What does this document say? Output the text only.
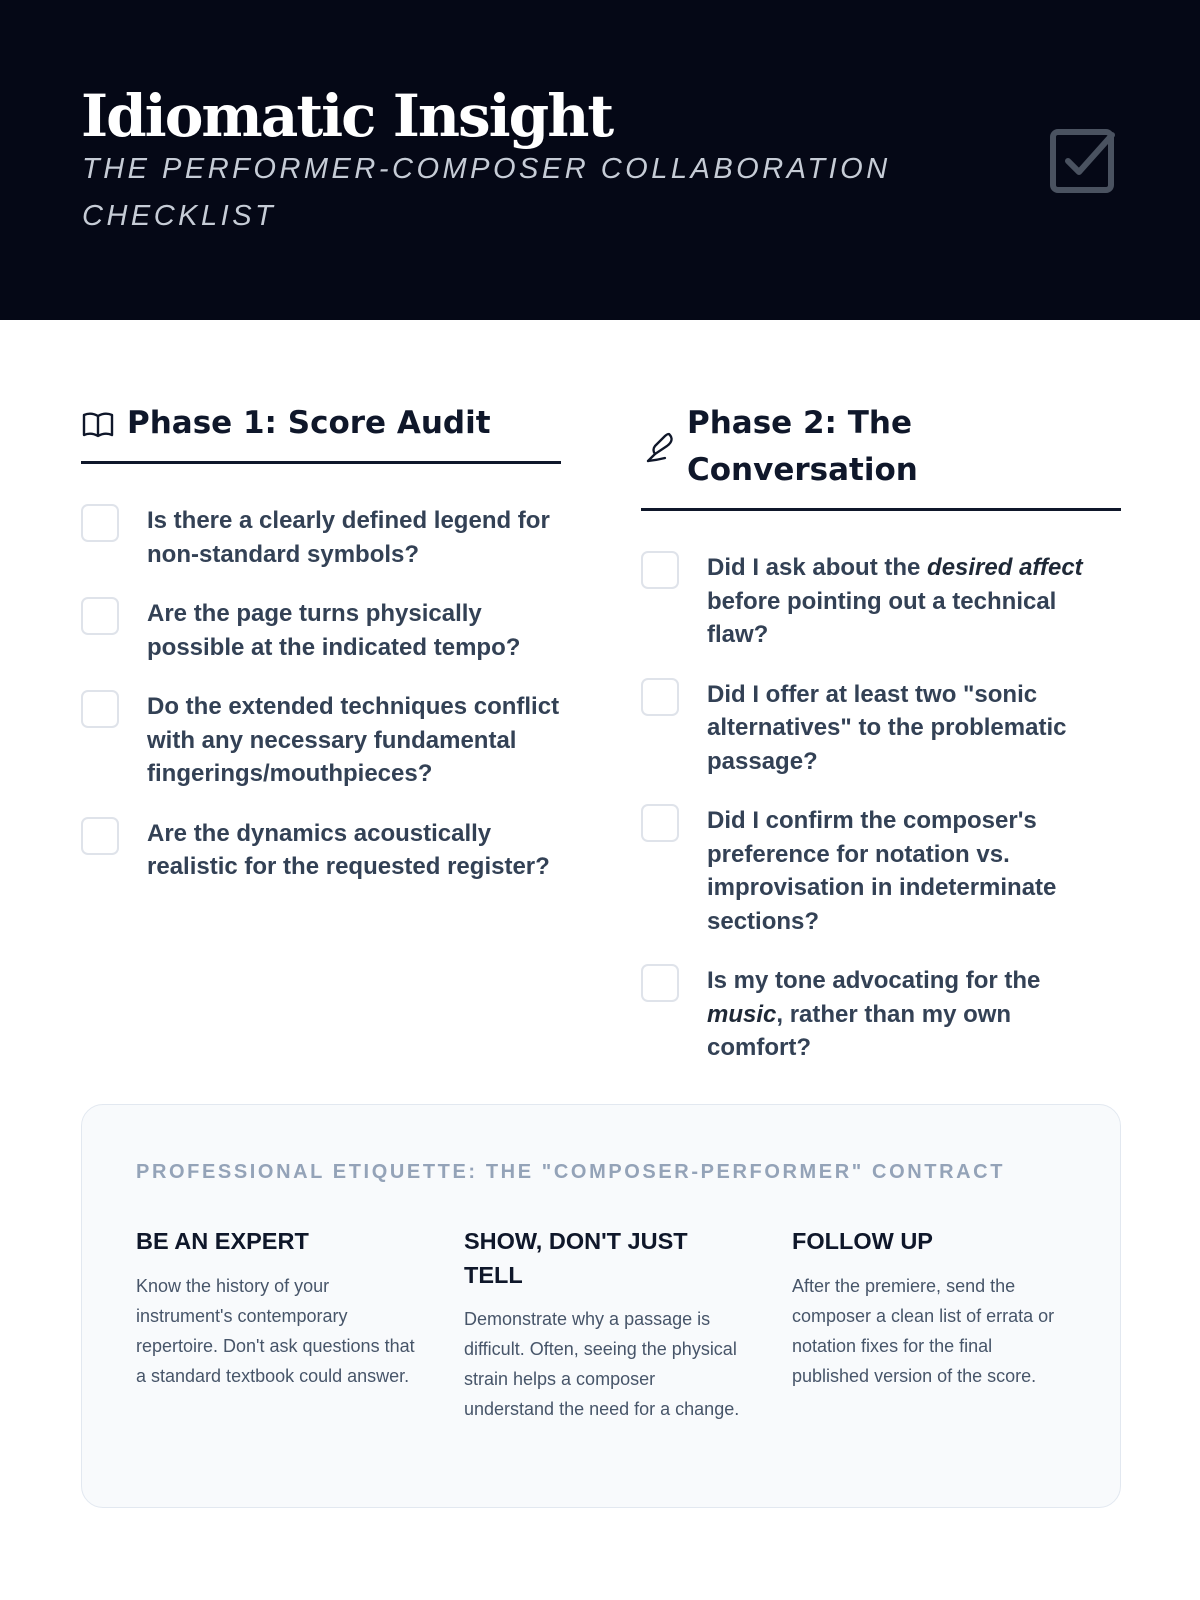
Idiomatic Insight
THE PERFORMER-COMPOSER COLLABORATION CHECKLIST
Phase 1: Score Audit
Is there a clearly defined legend for non-standard symbols?
Are the page turns physically possible at the indicated tempo?
Do the extended techniques conflict with any necessary fundamental fingerings/mouthpieces?
Are the dynamics acoustically realistic for the requested register?
Phase 2: The Conversation
Did I ask about the desired affect before pointing out a technical flaw?
Did I offer at least two "sonic alternatives" to the problematic passage?
Did I confirm the composer's preference for notation vs. improvisation in indeterminate sections?
Is my tone advocating for the music, rather than my own comfort?
PROFESSIONAL ETIQUETTE: THE "COMPOSER-PERFORMER" CONTRACT
BE AN EXPERT

Know the history of your instrument's contemporary repertoire. Don't ask questions that a standard textbook could answer.

SHOW, DON'T JUST TELL

Demonstrate why a passage is difficult. Often, seeing the physical strain helps a composer understand the need for a change.

FOLLOW UP

After the premiere, send the composer a clean list of errata or notation fixes for the final published version of the score.
